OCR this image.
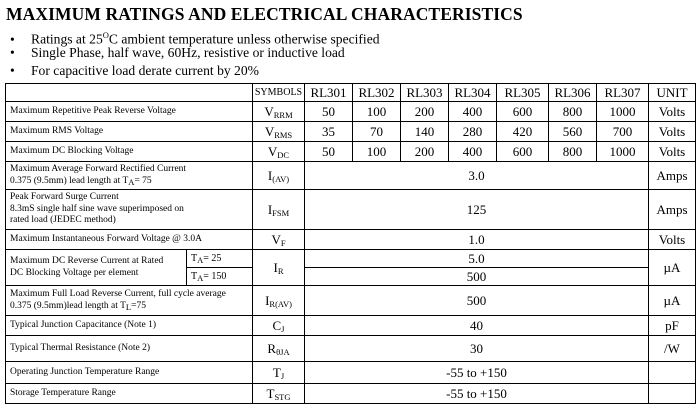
MAXIMUM RATINGS AND ELECTRICAL CHARACTERISTICS
• Ratings at $25^OC$ ambient temperature unless otherwise specified
• Single Phase, half wave, 60Hz, resistive or inductive load
• For capacitive load derate current by 20%
		SYMBOLS	RL301	RL302	RL303	RL304	RL305	RL306	RL307	UNIT
Maximum Repetitive Peak Reverse Voltage		$V_{RRM}$	50	100	200	400	600	800	1000	Volts
Maximum RMS Voltage		$V_{RMS}$	35	70	140	280	420	560	700	Volts
Maximum DC Blocking Voltage		$V_{DC}$	50	100	200	400	600	800	1000	Volts
Maximum Average Forward Rectified Current
0.375 (9.5mm) lead length at $T_A= 75$		$I_{(AV)}$	3.0							Amps
Peak Forward Surge Current
8.3mS single half sine wave superimposed on
rated load (JEDEC method)		$I_{FSM}$	125							Amps
Maximum Instantaneous Forward Voltage @ 3.0A		$V_F$	1.0							Volts
Maximum DC Reverse Current at Rated
DC Blocking Voltage per element	$T_A= 25$	$I_R$	5.0							µA
	$T_A= 150$		500							
Maximum Full Load Reverse Current, full cycle average
0.375 (9.5mm)lead length at $T_L=75$		$I_{R(AV)}$	500							µA
Typical Junction Capacitance (Note 1)		$C_J$	40							pF
Typical Thermal Resistance (Note 2)		$R_{\theta JA}$	30							/W
Operating Junction Temperature Range		$T_J$	-55 to +150							
Storage Temperature Range		$T_{STG}$	-55 to +150							
